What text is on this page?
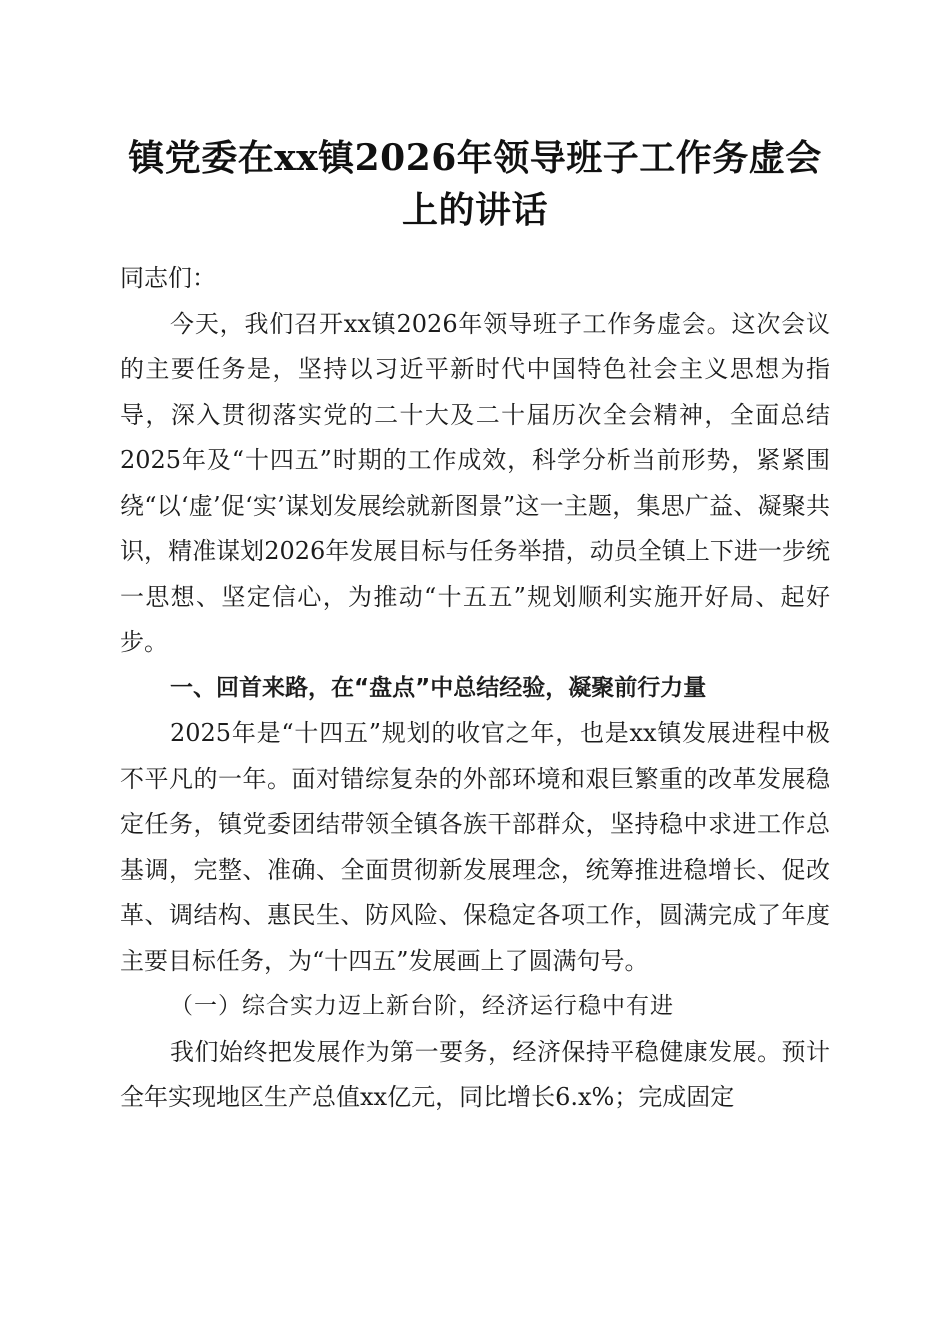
镇党委在xx镇2026年领导班子工作务虚会上的讲话

同志们：

今天，我们召开xx镇2026年领导班子工作务虚会。这次会议的主要任务是，坚持以习近平新时代中国特色社会主义思想为指导，深入贯彻落实党的二十大及二十届历次全会精神，全面总结2025年及“十四五”时期的工作成效，科学分析当前形势，紧紧围绕“以‘虚’促‘实’谋划发展绘就新图景”这一主题，集思广益、凝聚共识，精准谋划2026年发展目标与任务举措，动员全镇上下进一步统一思想、坚定信心，为推动“十五五”规划顺利实施开好局、起好步。

一、回首来路，在“盘点”中总结经验，凝聚前行力量

2025年是“十四五”规划的收官之年，也是xx镇发展进程中极不平凡的一年。面对错综复杂的外部环境和艰巨繁重的改革发展稳定任务，镇党委团结带领全镇各族干部群众，坚持稳中求进工作总基调，完整、准确、全面贯彻新发展理念，统筹推进稳增长、促改革、调结构、惠民生、防风险、保稳定各项工作，圆满完成了年度主要目标任务，为“十四五”发展画上了圆满句号。

（一）综合实力迈上新台阶，经济运行稳中有进

我们始终把发展作为第一要务，经济保持平稳健康发展。预计全年实现地区生产总值xx亿元，同比增长6.x%；完成固定
